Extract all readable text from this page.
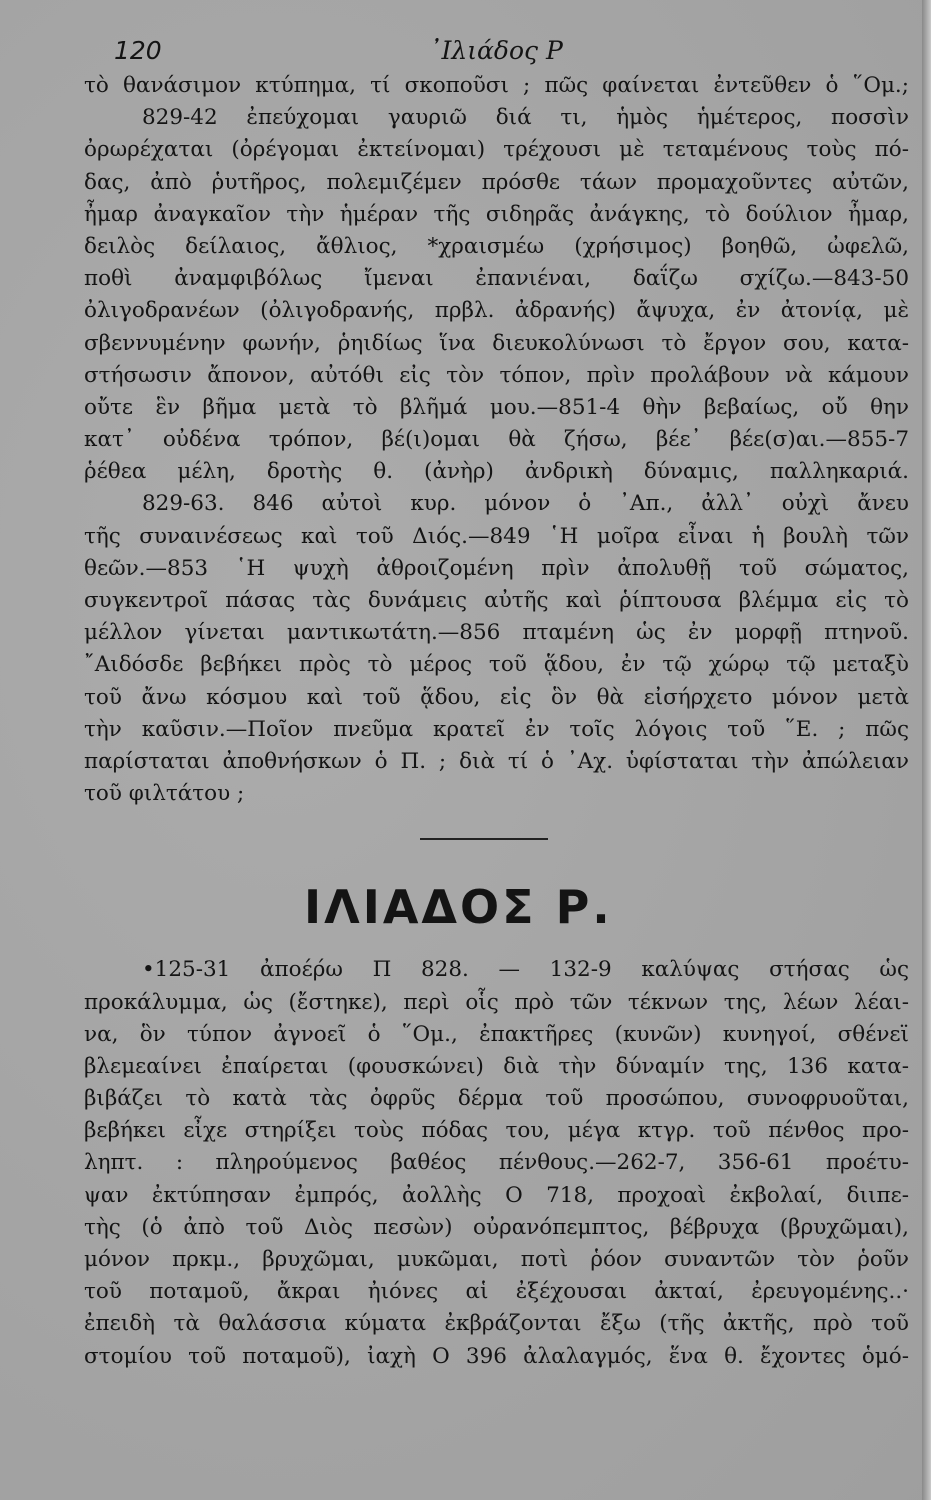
120	᾽Ιλιάδος Ρ
τὸ θανάσιμον κτύπημα, τί σκοποῦσι ; πῶς φαίνεται ἐντεῦθεν ὁ ῞Ομ.;
829-42 ἐπεύχομαι γαυριῶ διά τι, ἡμὸς ἡμέτερος, ποσσὶν
ὀρωρέχαται (ὀρέγομαι ἐκτείνομαι) τρέχουσι μὲ τεταμένους τοὺς πό-
δας, ἀπὸ ῥυτῆρος, πολεμιζέμεν πρόσθε τάων προμαχοῦντες αὐτῶν,
ἦμαρ ἀναγκαῖον τὴν ἡμέραν τῆς σιδηρᾶς ἀνάγκης, τὸ δούλιον ἦμαρ,
δειλὸς δείλαιος, ἄθλιος, *χραισμέω (χρήσιμος) βοηθῶ, ὠφελῶ,
ποθὶ ἀναμφιβόλως ἴμεναι ἐπανιέναι, δαΐζω σχίζω.—843-50
ὀλιγοδρανέων (ὀλιγοδρανής, πρβλ. ἀδρανής) ἄψυχα, ἐν ἀτονίᾳ, μὲ
σβεννυμένην φωνήν, ῥηιδίως ἵνα διευκολύνωσι τὸ ἔργον σου, κατα-
στήσωσιν ἄπονον, αὐτόθι εἰς τὸν τόπον, πρὶν προλάβουν νὰ κάμουν
οὔτε ἓν βῆμα μετὰ τὸ βλῆμά μου.—851-4 θὴν βεβαίως, οὔ θην
κατ᾽ οὐδένα τρόπον, βέ(ι)ομαι θὰ ζήσω, βέε᾽ βέε(σ)αι.—855-7
ῥέθεα μέλη, δροτὴς θ. (ἀνὴρ) ἀνδρικὴ δύναμις, παλληκαριά.
829-63. 846 αὐτοὶ κυρ. μόνον ὁ ᾽Απ., ἀλλ᾽ οὐχὶ ἄνευ
τῆς συναινέσεως καὶ τοῦ Διός.—849 ῾Η μοῖρα εἶναι ἡ βουλὴ τῶν
θεῶν.—853 ῾Η ψυχὴ ἀθροιζομένη πρὶν ἀπολυθῇ τοῦ σώματος,
συγκεντροῖ πάσας τὰς δυνάμεις αὐτῆς καὶ ῥίπτουσα βλέμμα εἰς τὸ
μέλλον γίνεται μαντικωτάτη.—856 πταμένη ὡς ἐν μορφῇ πτηνοῦ.
῎Αιδόσδε βεβήκει πρὸς τὸ μέρος τοῦ ᾅδου, ἐν τῷ χώρῳ τῷ μεταξὺ
τοῦ ἄνω κόσμου καὶ τοῦ ᾅδου, εἰς ὃν θὰ εἰσήρχετο μόνον μετὰ
τὴν καῦσιν.—Ποῖον πνεῦμα κρατεῖ ἐν τοῖς λόγοις τοῦ ῞Ε. ; πῶς
παρίσταται ἀποθνήσκων ὁ Π. ; διὰ τί ὁ ᾽Αχ. ὑφίσταται τὴν ἀπώλειαν
τοῦ φιλτάτου ;
ΙΛΙΑΔΟΣ Ρ.
•125-31 ἀποέρ́ω Π 828. — 132-9 καλύψας στήσας ὡς
προκάλυμμα, ὡς (ἔστηκε), περὶ οἷς πρὸ τῶν τέκνων της, λέων λέαι-
να, ὃν τύπον ἀγνοεῖ ὁ ῞Ομ., ἐπακτῆρες (κυνῶν) κυνηγοί, σθένεϊ
βλεμεαίνει ἐπαίρεται (φουσκώνει) διὰ τὴν δύναμίν της, 136 κατα-
βιβάζει τὸ κατὰ τὰς ὀφρῦς δέρμα τοῦ προσώπου, συνοφρυοῦται,
βεβήκει εἶχε στηρίξει τοὺς πόδας του, μέγα κτγρ. τοῦ πένθος προ-
ληπτ. : πληρούμενος βαθέος πένθους.—262-7, 356-61 προέτυ-
ψαν ἐκτύπησαν ἐμπρός, ἀολλὴς Ο 718, προχοαὶ ἐκβολαί, διιπε-
τὴς (ὁ ἀπὸ τοῦ Διὸς πεσὼν) οὐρανόπεμπτος, βέβρυχα (βρυχῶμαι),
μόνον πρκμ., βρυχῶμαι, μυκῶμαι, ποτὶ ῥόον συναντῶν τὸν ῥοῦν
τοῦ ποταμοῦ, ἄκραι ἠιόνες αἱ ἐξέχουσαι ἀκταί, ἐρευγομένης..·
ἐπειδὴ τὰ θαλάσσια κύματα ἐκβράζονται ἔξω (τῆς ἀκτῆς, πρὸ τοῦ
στομίου τοῦ ποταμοῦ), ἰαχὴ Ο 396 ἀλαλαγμός, ἕνα θ. ἔχοντες ὁμό-
